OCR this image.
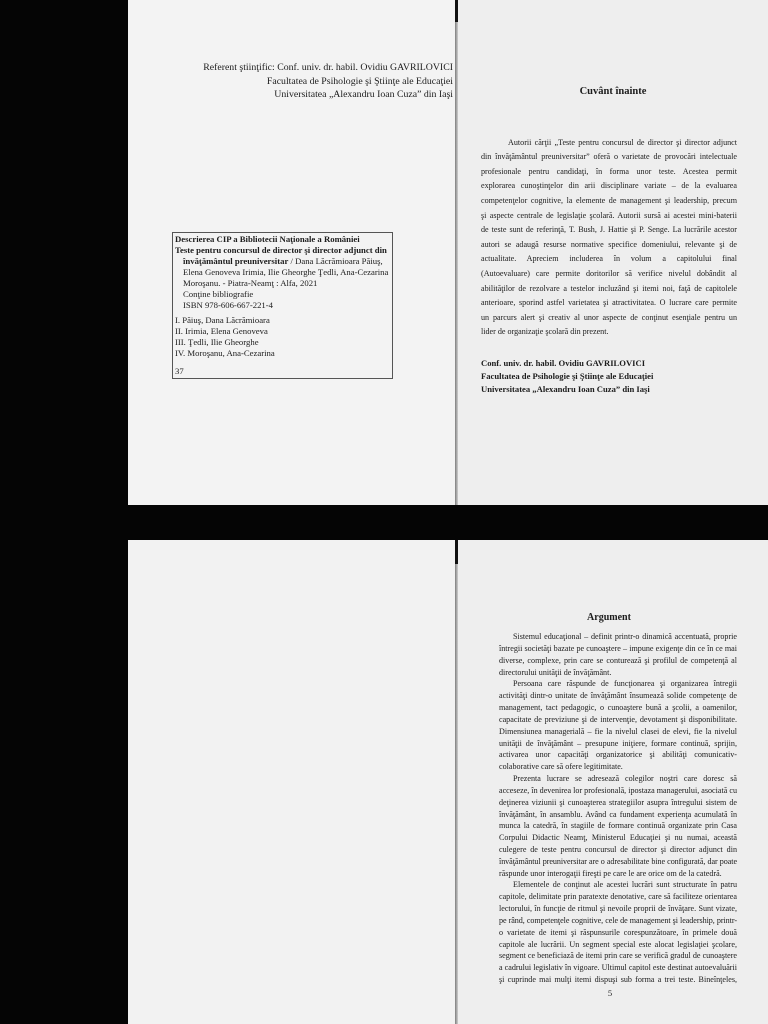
Referent ştiinţific: Conf. univ. dr. habil. Ovidiu GAVRILOVICI
Facultatea de Psihologie şi Ştiinţe ale Educaţiei
Universitatea „Alexandru Ioan Cuza” din Iaşi
Descrierea CIP a Bibliotecii Naţionale a României
Teste pentru concursul de director şi director adjunct din
învăţământul preuniversitar / Dana Lăcrămioara Păiuş,
Elena Genoveva Irimia, Ilie Gheorghe Ţedli, Ana-Cezarina
Moroşanu. - Piatra-Neamţ : Alfa, 2021
Conţine bibliografie
ISBN 978-606-667-221-4
I. Păiuş, Dana Lăcrămioara
II. Irimia, Elena Genoveva
III. Ţedli, Ilie Gheorghe
IV. Moroşanu, Ana-Cezarina
37
Cuvânt înainte
Autorii cărţii „Teste pentru concursul de director şi director adjunct
din învăţământul preuniversitar” oferă o varietate de provocări intelectuale
profesionale pentru candidaţi, în forma unor teste. Acestea permit
explorarea cunoştinţelor din arii disciplinare variate – de la evaluarea
competenţelor cognitive, la elemente de management şi leadership, precum
şi aspecte centrale de legislaţie şcolară. Autorii sursă ai acestei mini-baterii
de teste sunt de referinţă, T. Bush, J. Hattie şi P. Senge. La lucrările acestor
autori se adaugă resurse normative specifice domeniului, relevante şi de
actualitate. Apreciem includerea în volum a capitolului final
(Autoevaluare) care permite doritorilor să verifice nivelul dobândit al
abilităţilor de rezolvare a testelor incluzând şi itemi noi, faţă de capitolele
anterioare, sporind astfel varietatea şi atractivitatea. O lucrare care permite
un parcurs alert şi creativ al unor aspecte de conţinut esenţiale pentru un
lider de organizaţie şcolară din prezent.
Conf. univ. dr. habil. Ovidiu GAVRILOVICI
Facultatea de Psihologie şi Ştiinţe ale Educaţiei
Universitatea „Alexandru Ioan Cuza” din Iaşi
Argument
Sistemul educaţional – definit printr-o dinamică accentuată, proprie
întregii societăţi bazate pe cunoaştere – impune exigenţe din ce în ce mai
diverse, complexe, prin care se conturează şi profilul de competenţă al
directorului unităţii de învăţământ.
Persoana care răspunde de funcţionarea şi organizarea întregii
activităţi dintr-o unitate de învăţământ însumează solide competenţe de
management, tact pedagogic, o cunoaştere bună a şcolii, a oamenilor,
capacitate de previziune şi de intervenţie, devotament şi disponibilitate.
Dimensiunea managerială – fie la nivelul clasei de elevi, fie la nivelul
unităţii de învăţământ – presupune iniţiere, formare continuă, sprijin,
activarea unor capacităţi organizatorice şi abilităţi comunicativ-
colaborative care să ofere legitimitate.
Prezenta lucrare se adresează colegilor noştri care doresc să
acceseze, în devenirea lor profesională, ipostaza managerului, asociată cu
deţinerea viziunii şi cunoaşterea strategiilor asupra întregului sistem de
învăţământ, în ansamblu. Având ca fundament experienţa acumulată în
munca la catedră, în stagiile de formare continuă organizate prin Casa
Corpului Didactic Neamţ, Ministerul Educaţiei şi nu numai, această
culegere de teste pentru concursul de director şi director adjunct din
învăţământul preuniversitar are o adresabilitate bine configurată, dar poate
răspunde unor interogaţii fireşti pe care le are orice om de la catedră.
Elementele de conţinut ale acestei lucrări sunt structurate în patru
capitole, delimitate prin paratexte denotative, care să faciliteze orientarea
lectorului, în funcţie de ritmul şi nevoile proprii de învăţare. Sunt vizate,
pe rând, competenţele cognitive, cele de management şi leadership, printr-
o varietate de itemi şi răspunsurile corespunzătoare, în primele două
capitole ale lucrării. Un segment special este alocat legislaţiei şcolare,
segment ce beneficiază de itemi prin care se verifică gradul de cunoaştere
a cadrului legislativ în vigoare. Ultimul capitol este destinat autoevaluării
şi cuprinde mai mulţi itemi dispuşi sub forma a trei teste. Bineînţeles,
5
